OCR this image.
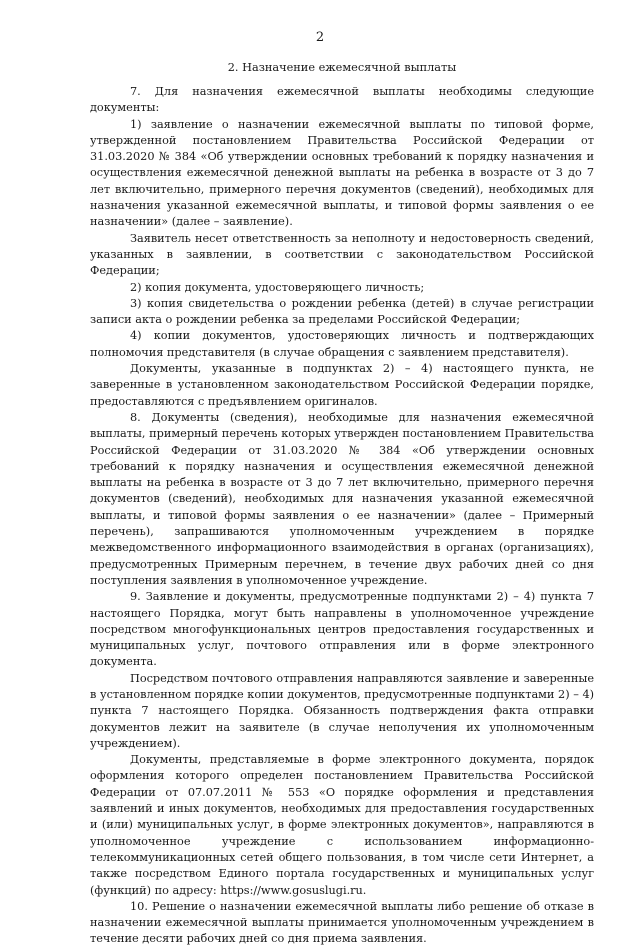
2
2. Назначение ежемесячной выплаты

7. Для назначения ежемесячной выплаты необходимы следующие документы:

1) заявление о назначении ежемесячной выплаты по типовой форме, утвержденной постановлением Правительства Российской Федерации от 31.03.2020 № 384 «Об утверждении основных требований к порядку назначения и осуществления ежемесячной денежной выплаты на ребенка в возрасте от 3 до 7 лет включительно, примерного перечня документов (сведений), необходимых для назначения указанной ежемесячной выплаты, и типовой формы заявления о ее назначении» (далее – заявление).

Заявитель несет ответственность за неполноту и недостоверность сведений, указанных в заявлении, в соответствии с законодательством Российской Федерации;

2) копия документа, удостоверяющего личность;

3) копия свидетельства о рождении ребенка (детей) в случае регистрации записи акта о рождении ребенка за пределами Российской Федерации;

4) копии документов, удостоверяющих личность и подтверждающих полномочия представителя (в случае обращения с заявлением представителя).

Документы, указанные в подпунктах 2) – 4) настоящего пункта, не заверенные в установленном законодательством Российской Федерации порядке, предоставляются с предъявлением оригиналов.

8. Документы (сведения), необходимые для назначения ежемесячной выплаты, примерный перечень которых утвержден постановлением Правительства Российской Федерации от 31.03.2020 № 384 «Об утверждении основных требований к порядку назначения и осуществления ежемесячной денежной выплаты на ребенка в возрасте от 3 до 7 лет включительно, примерного перечня документов (сведений), необходимых для назначения указанной ежемесячной выплаты, и типовой формы заявления о ее назначении» (далее – Примерный перечень), запрашиваются уполномоченным учреждением в порядке межведомственного информационного взаимодействия в органах (организациях), предусмотренных Примерным перечнем, в течение двух рабочих дней со дня поступления заявления в уполномоченное учреждение.

9. Заявление и документы, предусмотренные подпунктами 2) – 4) пункта 7 настоящего Порядка, могут быть направлены в уполномоченное учреждение посредством многофункциональных центров предоставления государственных и муниципальных услуг, почтового отправления или в форме электронного документа.

Посредством почтового отправления направляются заявление и заверенные в установленном порядке копии документов, предусмотренные подпунктами 2) – 4) пункта 7 настоящего Порядка. Обязанность подтверждения факта отправки документов лежит на заявителе (в случае неполучения их уполномоченным учреждением).

Документы, представляемые в форме электронного документа, порядок оформления которого определен постановлением Правительства Российской Федерации от 07.07.2011 № 553 «О порядке оформления и представления заявлений и иных документов, необходимых для предоставления государственных и (или) муниципальных услуг, в форме электронных документов», направляются в уполномоченное учреждение с использованием информационно-телекоммуникационных сетей общего пользования, в том числе сети Интернет, а также посредством Единого портала государственных и муниципальных услуг (функций) по адресу: https://www.gosuslugi.ru.

10. Решение о назначении ежемесячной выплаты либо решение об отказе в назначении ежемесячной выплаты принимается уполномоченным учреждением в течение десяти рабочих дней со дня приема заявления.
